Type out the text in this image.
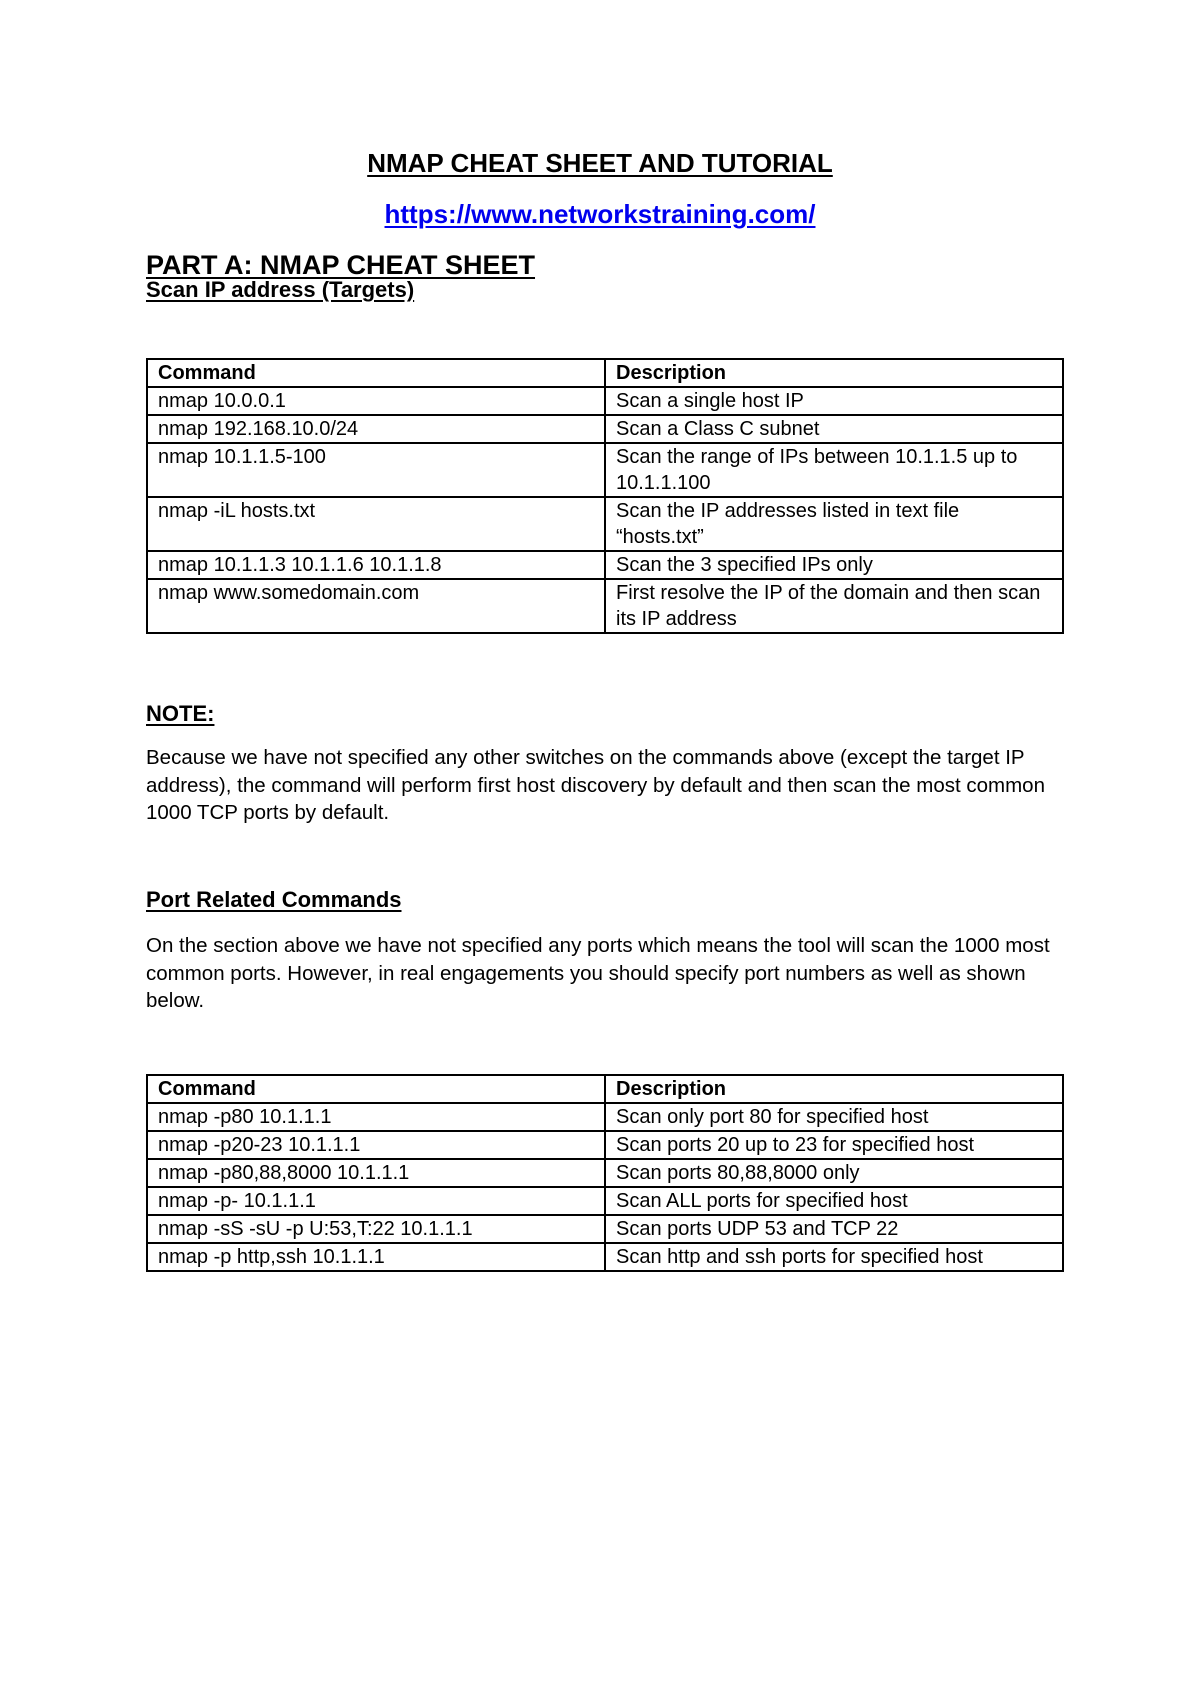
NMAP CHEAT SHEET AND TUTORIAL
https://www.networkstraining.com/
PART A: NMAP CHEAT SHEET
Scan IP address (Targets)
Command	Description
nmap 10.0.0.1	Scan a single host IP
nmap 192.168.10.0/24	Scan a Class C subnet
nmap 10.1.1.5-100	Scan the range of IPs between 10.1.1.5 up to 10.1.1.100
nmap -iL hosts.txt	Scan the IP addresses listed in text file “hosts.txt”
nmap 10.1.1.3 10.1.1.6 10.1.1.8	Scan the 3 specified IPs only
nmap www.somedomain.com	First resolve the IP of the domain and then scan its IP address
NOTE:
Because we have not specified any other switches on the commands above (except the target IP address), the command will perform first host discovery by default and then scan the most common 1000 TCP ports by default.
Port Related Commands
On the section above we have not specified any ports which means the tool will scan the 1000 most common ports. However, in real engagements you should specify port numbers as well as shown below.
Command	Description
nmap -p80 10.1.1.1	Scan only port 80 for specified host
nmap -p20-23 10.1.1.1	Scan ports 20 up to 23 for specified host
nmap -p80,88,8000 10.1.1.1	Scan ports 80,88,8000 only
nmap -p- 10.1.1.1	Scan ALL ports for specified host
nmap -sS -sU -p U:53,T:22 10.1.1.1	Scan ports UDP 53 and TCP 22
nmap -p http,ssh 10.1.1.1	Scan http and ssh ports for specified host
